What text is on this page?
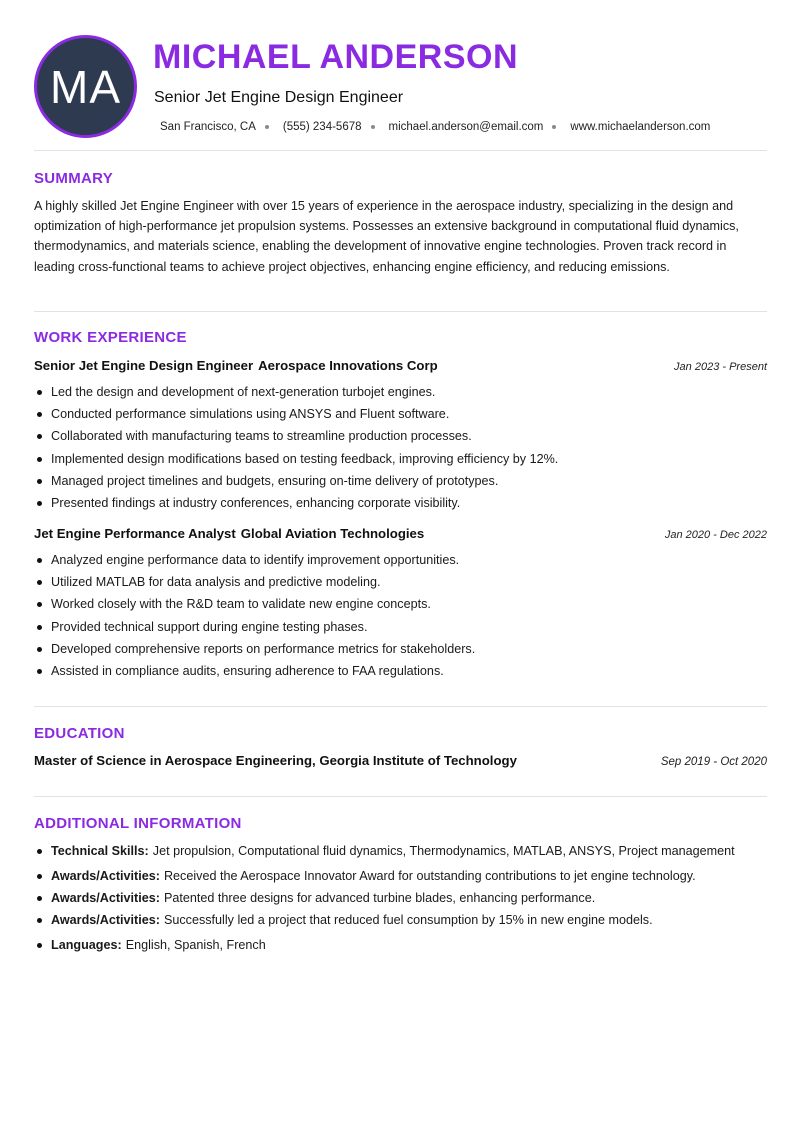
MA
MICHAEL ANDERSON
Senior Jet Engine Design Engineer
San Francisco, CA (555) 234-5678 michael.anderson@email.com www.michaelanderson.com
SUMMARY

A highly skilled Jet Engine Engineer with over 15 years of experience in the aerospace industry, specializing in the design and optimization of high-performance jet propulsion systems. Possesses an extensive background in computational fluid dynamics, thermodynamics, and materials science, enabling the development of innovative engine technologies. Proven track record in leading cross-functional teams to achieve project objectives, enhancing engine efficiency, and reducing emissions.

WORK EXPERIENCE
Senior Jet Engine Design Engineer Aerospace Innovations Corp	Jan 2023 - Present
Led the design and development of next-generation turbojet engines.
Conducted performance simulations using ANSYS and Fluent software.
Collaborated with manufacturing teams to streamline production processes.
Implemented design modifications based on testing feedback, improving efficiency by 12%.
Managed project timelines and budgets, ensuring on-time delivery of prototypes.
Presented findings at industry conferences, enhancing corporate visibility.
Jet Engine Performance Analyst Global Aviation Technologies	Jan 2020 - Dec 2022
Analyzed engine performance data to identify improvement opportunities.
Utilized MATLAB for data analysis and predictive modeling.
Worked closely with the R&D team to validate new engine concepts.
Provided technical support during engine testing phases.
Developed comprehensive reports on performance metrics for stakeholders.
Assisted in compliance audits, ensuring adherence to FAA regulations.
EDUCATION
Master of Science in Aerospace Engineering, Georgia Institute of Technology	Sep 2019 - Oct 2020
ADDITIONAL INFORMATION
Technical Skills: Jet propulsion, Computational fluid dynamics, Thermodynamics, MATLAB, ANSYS, Project management
Awards/Activities: Received the Aerospace Innovator Award for outstanding contributions to jet engine technology.
Awards/Activities: Patented three designs for advanced turbine blades, enhancing performance.
Awards/Activities: Successfully led a project that reduced fuel consumption by 15% in new engine models.
Languages: English, Spanish, French
